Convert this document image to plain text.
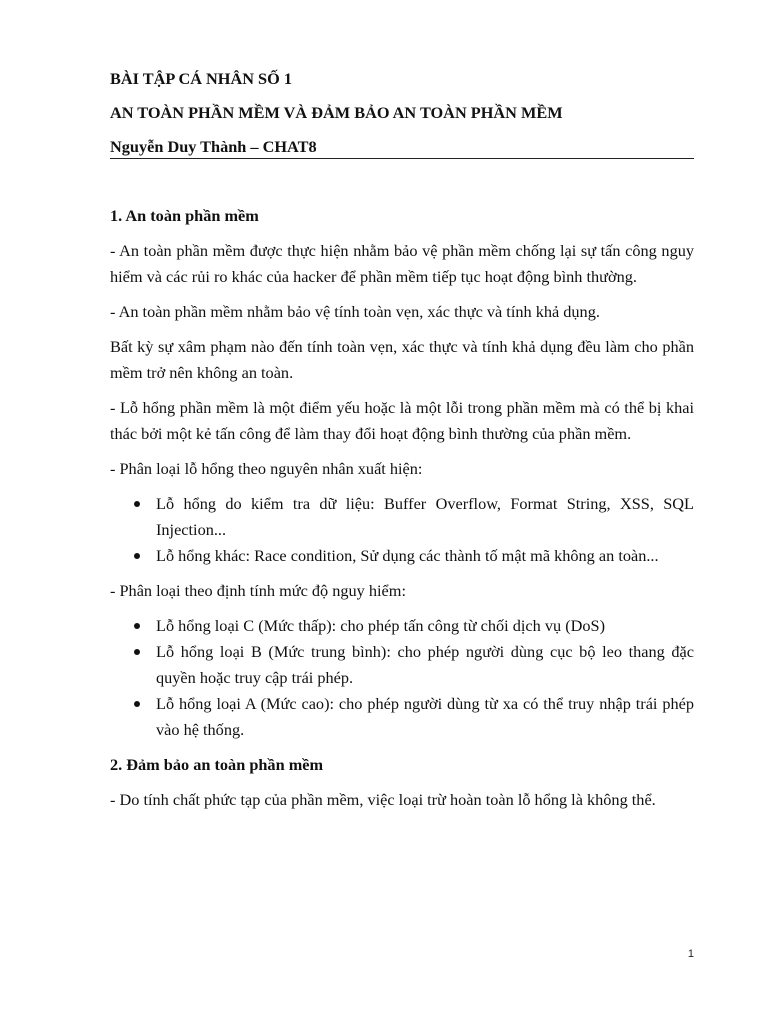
BÀI TẬP CÁ NHÂN SỐ 1

AN TOÀN PHẦN MỀM VÀ ĐẢM BẢO AN TOÀN PHẦN MỀM

Nguyễn Duy Thành – CHAT8

1. An toàn phần mềm

- An toàn phần mềm được thực hiện nhằm bảo vệ phần mềm chống lại sự tấn công nguy hiểm và các rủi ro khác của hacker để phần mềm tiếp tục hoạt động bình thường.

- An toàn phần mềm nhằm bảo vệ tính toàn vẹn, xác thực và tính khả dụng.

Bất kỳ sự xâm phạm nào đến tính toàn vẹn, xác thực và tính khả dụng đều làm cho phần mềm trở nên không an toàn.

- Lỗ hổng phần mềm là một điểm yếu hoặc là một lỗi trong phần mềm mà có thể bị khai thác bởi một kẻ tấn công để làm thay đổi hoạt động bình thường của phần mềm.

- Phân loại lỗ hổng theo nguyên nhân xuất hiện:

Lỗ hổng do kiểm tra dữ liệu: Buffer Overflow, Format String, XSS, SQL Injection...
Lỗ hổng khác: Race condition, Sử dụng các thành tố mật mã không an toàn...

- Phân loại theo định tính mức độ nguy hiểm:

Lỗ hổng loại C (Mức thấp): cho phép tấn công từ chối dịch vụ (DoS)
Lỗ hổng loại B (Mức trung bình): cho phép người dùng cục bộ leo thang đặc quyền hoặc truy cập trái phép.
Lỗ hổng loại A (Mức cao): cho phép người dùng từ xa có thể truy nhập trái phép vào hệ thống.
2. Đảm bảo an toàn phần mềm

- Do tính chất phức tạp của phần mềm, việc loại trừ hoàn toàn lỗ hổng là không thể.

1
